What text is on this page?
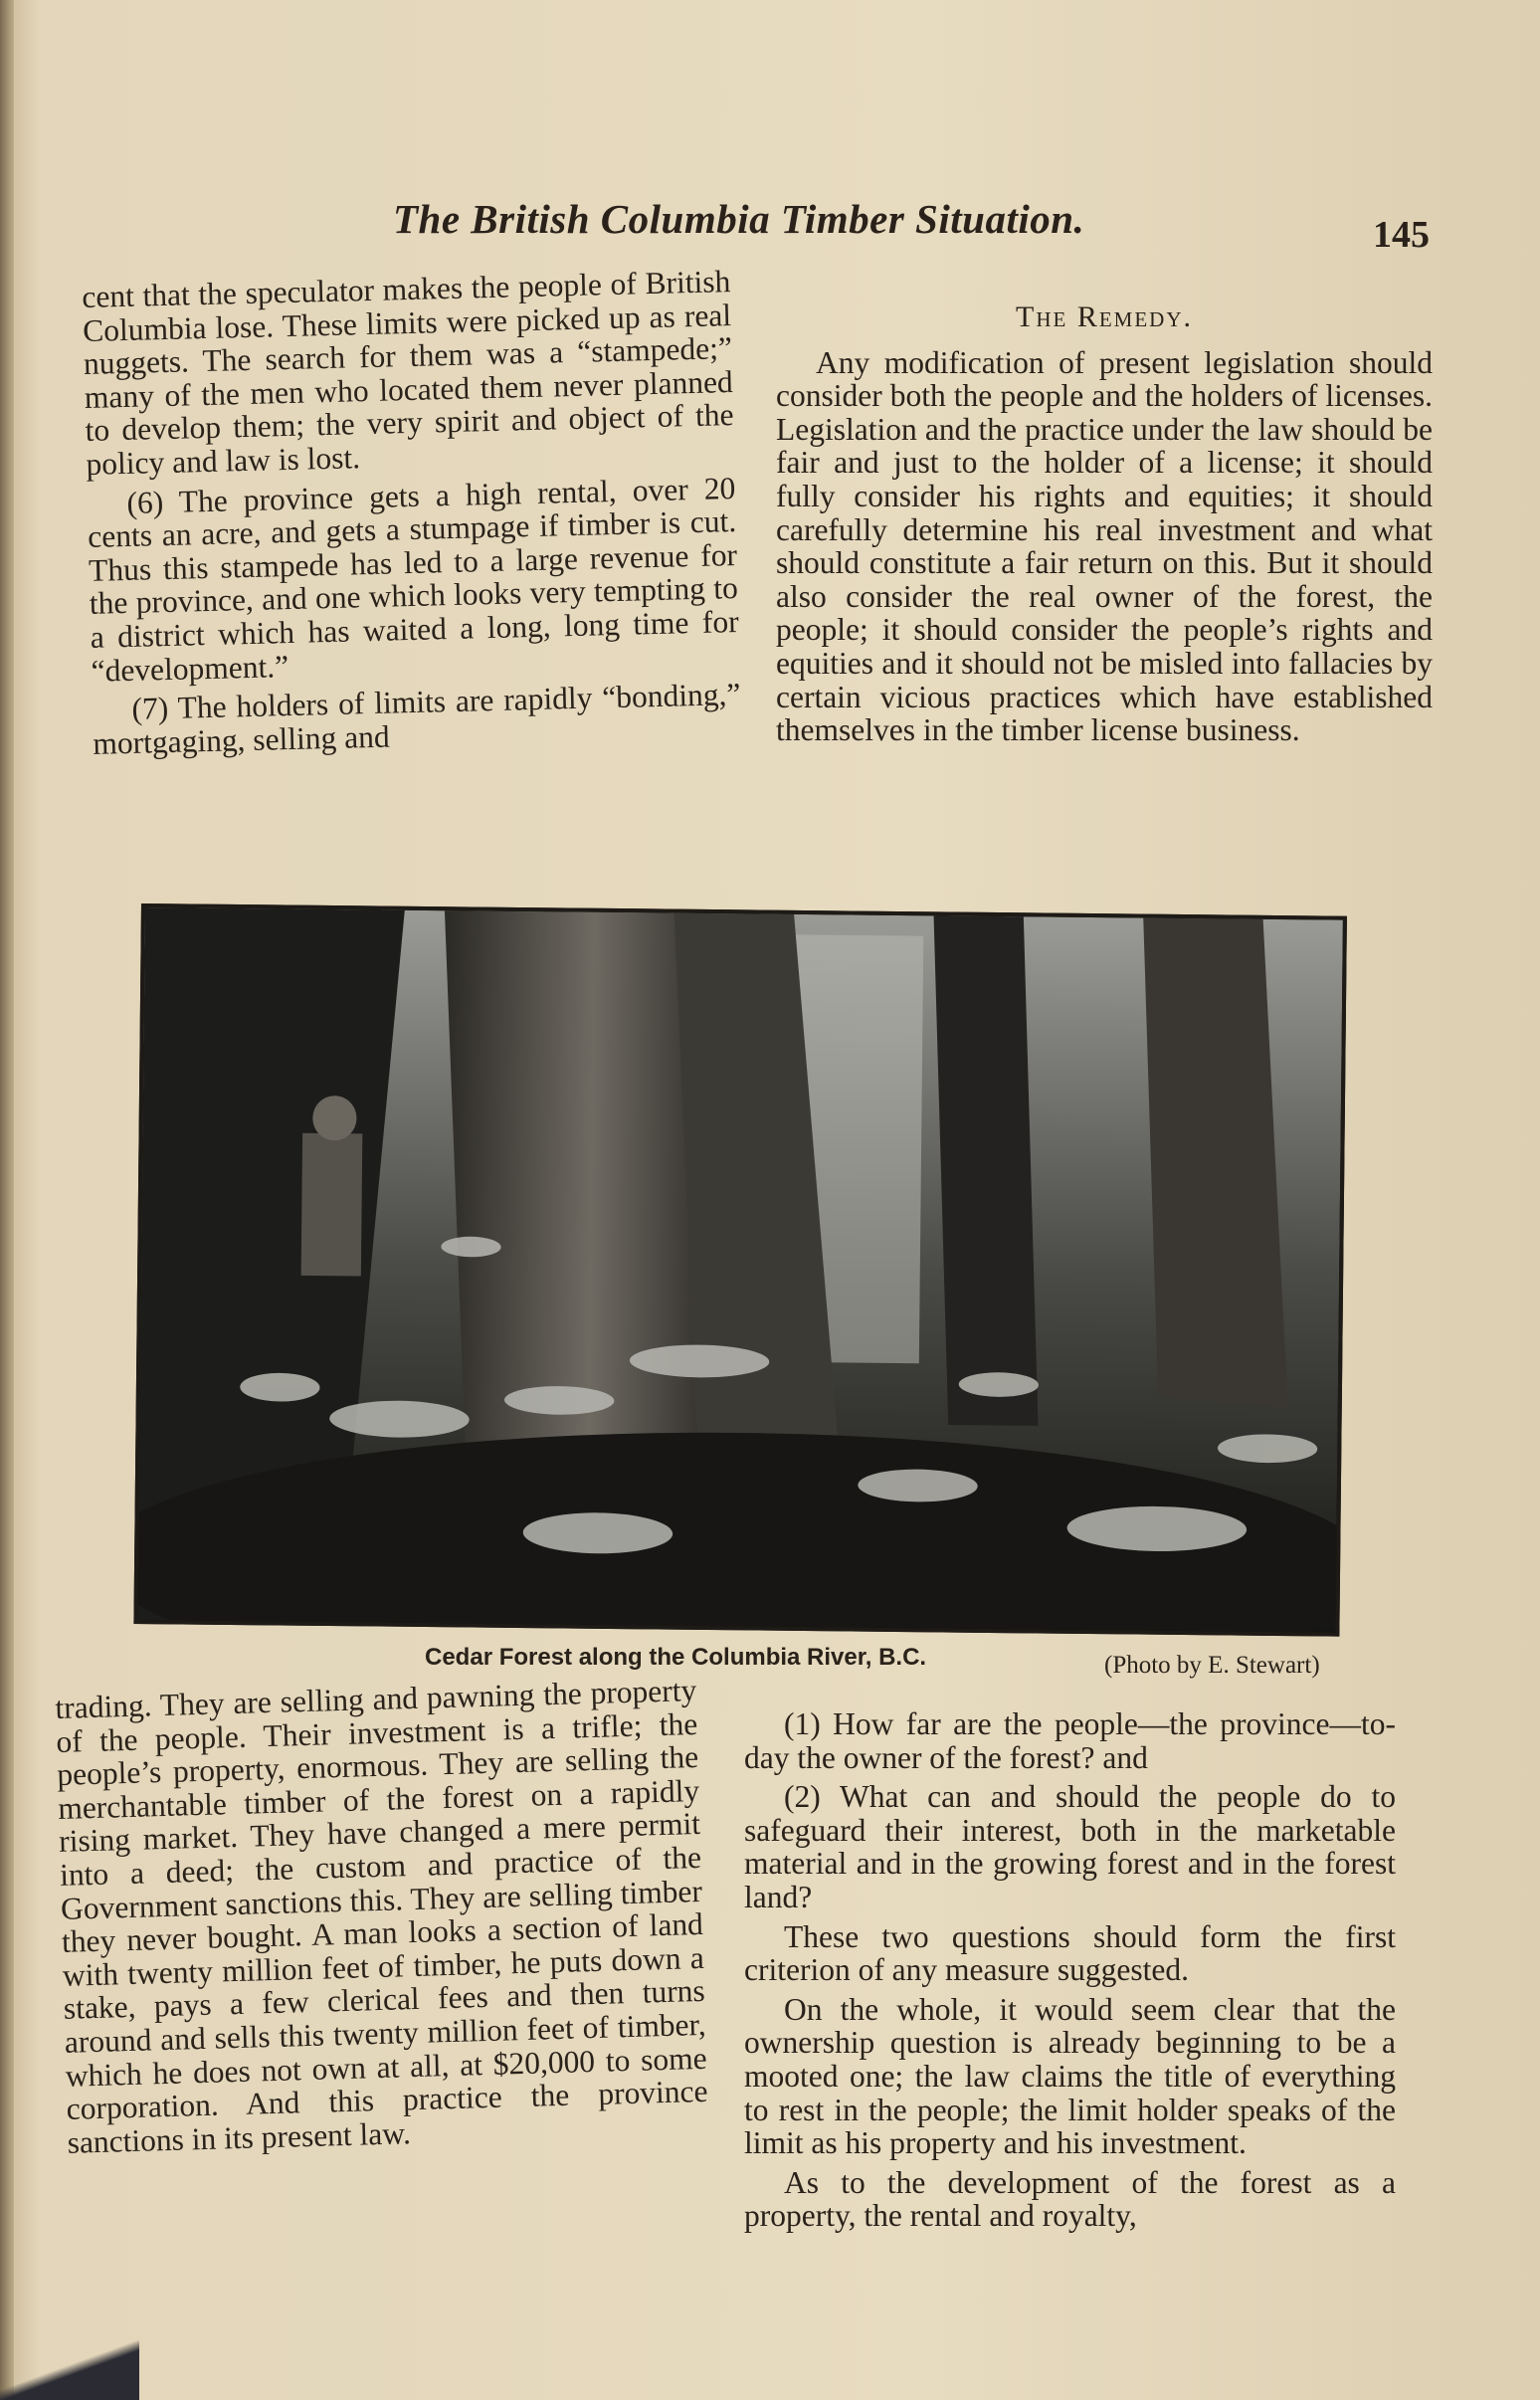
The British Columbia Timber Situation.	145

cent that the speculator makes the people of British Columbia lose. These limits were picked up as real nuggets. The search for them was a “stampede;” many of the men who located them never planned to develop them; the very spirit and object of the policy and law is lost.

(6) The province gets a high rental, over 20 cents an acre, and gets a stumpage if timber is cut. Thus this stampede has led to a large revenue for the province, and one which looks very tempting to a district which has waited a long, long time for “development.”

(7) The holders of limits are rapidly “bonding,” mortgaging, selling and

The Remedy.

Any modification of present legislation should consider both the people and the holders of licenses. Legislation and the practice under the law should be fair and just to the holder of a license; it should fully consider his rights and equities; it should carefully determine his real investment and what should constitute a fair return on this. But it should also consider the real owner of the forest, the people; it should consider the people’s rights and equities and it should not be misled into fallacies by certain vicious practices which have established themselves in the timber license business.

Cedar Forest along the Columbia River, B.C.	(Photo by E. Stewart)

trading. They are selling and pawning the property of the people. Their investment is a trifle; the people’s property, enormous. They are selling the merchantable timber of the forest on a rapidly rising market. They have changed a mere permit into a deed; the custom and practice of the Government sanctions this. They are selling timber they never bought. A man looks a section of land with twenty million feet of timber, he puts down a stake, pays a few clerical fees and then turns around and sells this twenty million feet of timber, which he does not own at all, at $20,000 to some corporation. And this practice the province sanctions in its present law.

(1) How far are the people—the province—to-day the owner of the forest? and

(2) What can and should the people do to safeguard their interest, both in the marketable material and in the growing forest and in the forest land?

These two questions should form the first criterion of any measure suggested.

On the whole, it would seem clear that the ownership question is already beginning to be a mooted one; the law claims the title of everything to rest in the people; the limit holder speaks of the limit as his property and his investment.

As to the development of the forest as a property, the rental and royalty,
